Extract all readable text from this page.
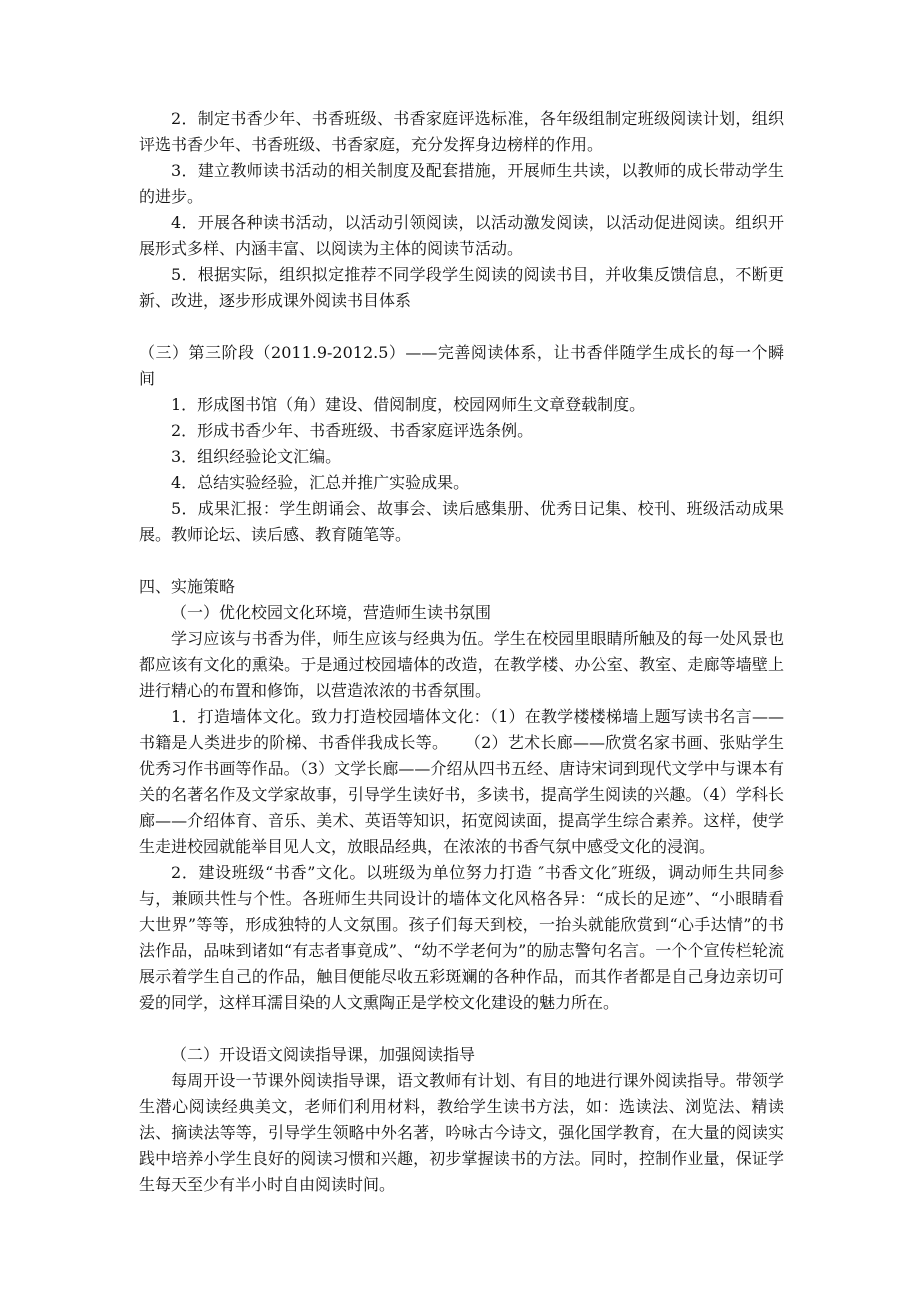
2．制定书香少年、书香班级、书香家庭评选标准，各年级组制定班级阅读计划，组织评选书香少年、书香班级、书香家庭，充分发挥身边榜样的作用。

3．建立教师读书活动的相关制度及配套措施，开展师生共读，以教师的成长带动学生的进步。

4．开展各种读书活动，以活动引领阅读，以活动激发阅读，以活动促进阅读。组织开展形式多样、内涵丰富、以阅读为主体的阅读节活动。

5．根据实际，组织拟定推荐不同学段学生阅读的阅读书目，并收集反馈信息，不断更新、改进，逐步形成课外阅读书目体系

（三）第三阶段（2011.9-2012.5）——完善阅读体系，让书香伴随学生成长的每一个瞬间

1．形成图书馆（角）建设、借阅制度，校园网师生文章登载制度。

2．形成书香少年、书香班级、书香家庭评选条例。

3．组织经验论文汇编。

4．总结实验经验，汇总并推广实验成果。

5．成果汇报：学生朗诵会、故事会、读后感集册、优秀日记集、校刊、班级活动成果展。教师论坛、读后感、教育随笔等。

四、实施策略

（一）优化校园文化环境，营造师生读书氛围

学习应该与书香为伴，师生应该与经典为伍。学生在校园里眼睛所触及的每一处风景也都应该有文化的熏染。于是通过校园墙体的改造，在教学楼、办公室、教室、走廊等墙壁上进行精心的布置和修饰，以营造浓浓的书香氛围。

1．打造墙体文化。致力打造校园墙体文化：（1）在教学楼楼梯墙上题写读书名言——书籍是人类进步的阶梯、书香伴我成长等。　　（2）艺术长廊——欣赏名家书画、张贴学生优秀习作书画等作品。（3）文学长廊——介绍从四书五经、唐诗宋词到现代文学中与课本有关的名著名作及文学家故事，引导学生读好书，多读书，提高学生阅读的兴趣。（4）学科长廊——介绍体育、音乐、美术、英语等知识，拓宽阅读面，提高学生综合素养。这样，使学生走进校园就能举目见人文，放眼品经典，在浓浓的书香气氛中感受文化的浸润。

2．建设班级“书香”文化。以班级为单位努力打造 ″书香文化″班级，调动师生共同参与，兼顾共性与个性。各班师生共同设计的墙体文化风格各异：“成长的足迹”、“小眼睛看大世界”等等，形成独特的人文氛围。孩子们每天到校，一抬头就能欣赏到“心手达情”的书法作品，品味到诸如“有志者事竟成”、“幼不学老何为”的励志警句名言。一个个宣传栏轮流展示着学生自己的作品，触目便能尽收五彩斑斓的各种作品，而其作者都是自己身边亲切可爱的同学，这样耳濡目染的人文熏陶正是学校文化建设的魅力所在。

（二）开设语文阅读指导课，加强阅读指导

每周开设一节课外阅读指导课，语文教师有计划、有目的地进行课外阅读指导。带领学生潜心阅读经典美文，老师们利用材料，教给学生读书方法，如：选读法、浏览法、精读法、摘读法等等，引导学生领略中外名著，吟咏古今诗文，强化国学教育，在大量的阅读实践中培养小学生良好的阅读习惯和兴趣，初步掌握读书的方法。同时，控制作业量，保证学生每天至少有半小时自由阅读时间。
